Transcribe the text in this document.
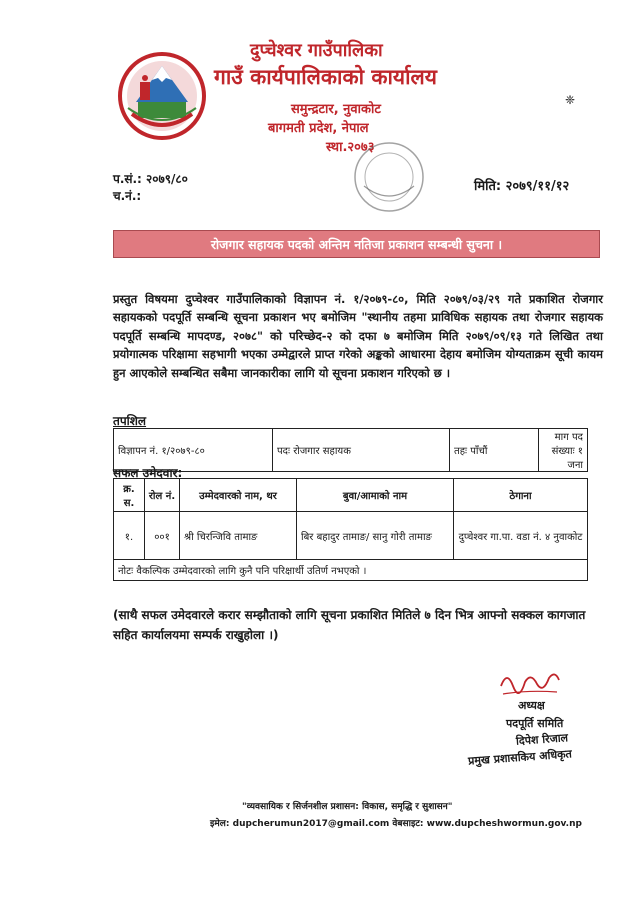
दुप्चेश्वर गाउँपालिका
गाउँ कार्यपालिकाको कार्यालय
समुन्द्रटार, नुवाकोट
बागमती प्रदेश, नेपाल
स्था.२०७३
❈
प.सं.: २०७९/८०
च.नं.:
मिति: २०७९/११/१२
रोजगार सहायक पदको अन्तिम नतिजा प्रकाशन सम्बन्धी सुचना ।
प्रस्तुत विषयमा दुप्चेश्वर गाउँपालिकाको विज्ञापन नं. १/२०७९-८०, मिति २०७९/०३/२९ गते प्रकाशित रोजगार सहायकको पदपूर्ति सम्बन्धि सूचना प्रकाशन भए बमोजिम "स्थानीय तहमा प्राविधिक सहायक तथा रोजगार सहायक पदपूर्ति सम्बन्धि मापदण्ड, २०७८" को परिच्छेद-२ को दफा ७ बमोजिम मिति २०७९/०९/१३ गते लिखित तथा प्रयोगात्मक परिक्षामा सहभागी भएका उम्मेद्वारले प्राप्त गरेको अङ्कको आधारमा देहाय बमोजिम योग्यताक्रम सूची कायम हुन आएकोले सम्बन्धित सबैमा जानकारीका लागि यो सूचना प्रकाशन गरिएको छ ।
तपशिल
विज्ञापन नं. १/२०७९-८०	पदः रोजगार सहायक	तहः पाँचौं	माग पद संख्याः १ जना
सफल उमेदवार:
क्र. स.	रोल नं.	उम्मेदवारको नाम, थर	बुवा/आमाको नाम	ठेगाना
१.	००१	श्री चिरन्जिवि तामाङ	बिर बहादुर तामाङ/ सानु गोरी तामाङ	दुप्चेश्वर गा.पा. वडा नं. ४ नुवाकोट
नोटः वैकल्पिक उम्मेदवारको लागि कुनै पनि परिक्षार्थी उतिर्ण नभएको ।				
(साथै सफल उमेदवारले करार सम्झौताको लागि सूचना प्रकाशित मितिले ७ दिन भित्र आफ्नो सक्कल कागजात सहित कार्यालयमा सम्पर्क राखुहोला ।)
अध्यक्ष
पदपूर्ति समिति
दिपेश रिजाल
प्रमुख प्रशासकिय अधिकृत
"व्यवसायिक र सिर्जनशील प्रशासन: विकास, समृद्धि र सुशासन"
इमेल: dupcherumun2017@gmail.com वेबसाइट: www.dupcheshwormun.gov.np
